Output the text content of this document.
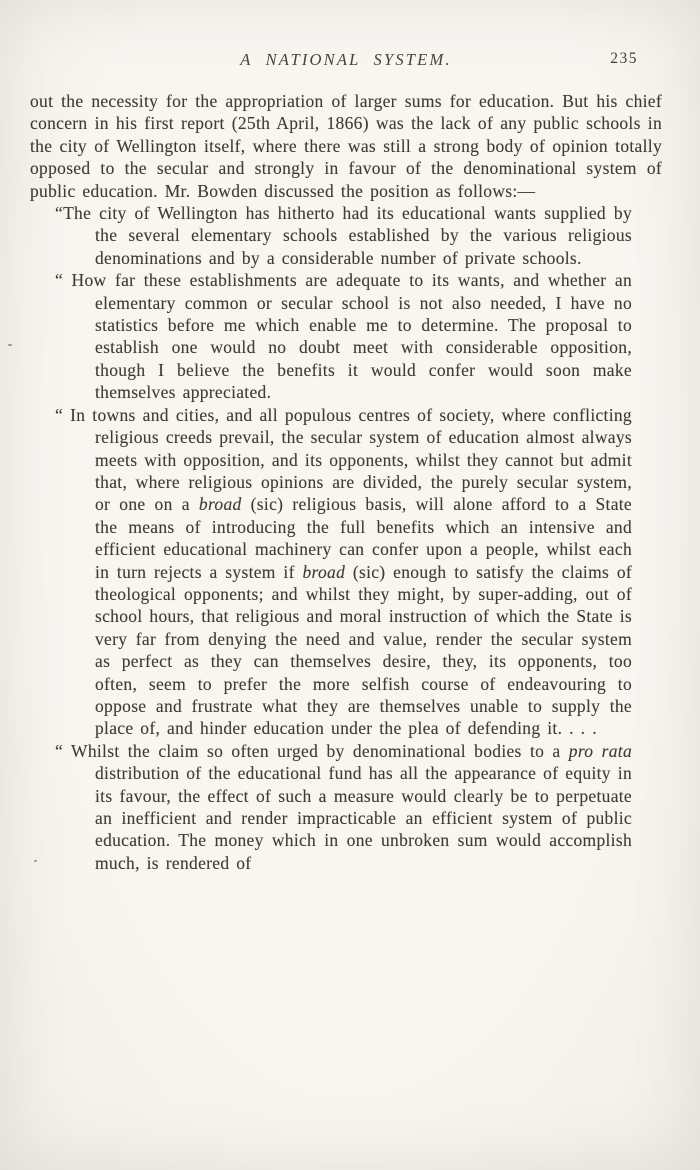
A NATIONAL SYSTEM.	235

out the necessity for the appropriation of larger sums for education. But his chief concern in his first report (25th April, 1866) was the lack of any public schools in the city of Wellington itself, where there was still a strong body of opinion totally opposed to the secular and strongly in favour of the denominational system of public education. Mr. Bowden discussed the position as follows:—

“The city of Wellington has hitherto had its educational wants supplied by the several elementary schools established by the various religious denominations and by a considerable number of private schools.

“ How far these establishments are adequate to its wants, and whether an elementary common or secular school is not also needed, I have no statistics before me which enable me to determine. The proposal to establish one would no doubt meet with considerable opposition, though I believe the benefits it would confer would soon make themselves appreciated.

“ In towns and cities, and all populous centres of society, where conflicting religious creeds prevail, the secular system of education almost always meets with opposition, and its opponents, whilst they cannot but admit that, where religious opinions are divided, the purely secular system, or one on a broad (sic) religious basis, will alone afford to a State the means of introducing the full benefits which an intensive and efficient educational machinery can confer upon a people, whilst each in turn rejects a system if broad (sic) enough to satisfy the claims of theological opponents; and whilst they might, by super-adding, out of school hours, that religious and moral instruction of which the State is very far from denying the need and value, render the secular system as perfect as they can themselves desire, they, its opponents, too often, seem to prefer the more selfish course of endeavouring to oppose and frustrate what they are themselves unable to supply the place of, and hinder education under the plea of defending it. . . .

“ Whilst the claim so often urged by denominational bodies to a pro rata distribution of the educational fund has all the appearance of equity in its favour, the effect of such a measure would clearly be to perpetuate an inefficient and render impracticable an efficient system of public education. The money which in one unbroken sum would accomplish much, is rendered of
